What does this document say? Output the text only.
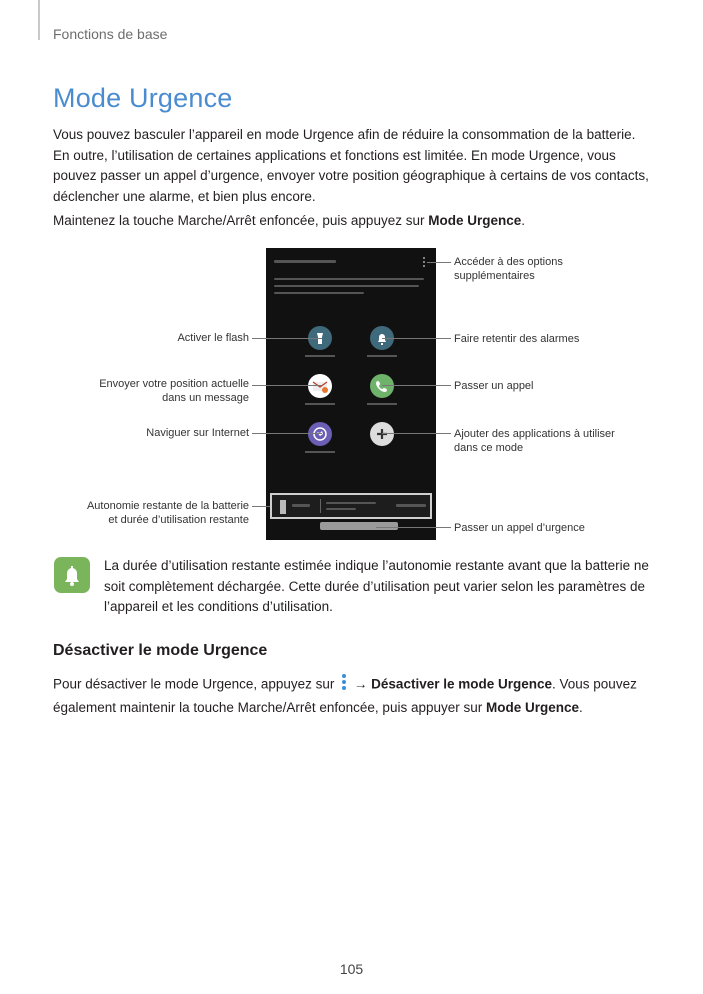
Fonctions de base
Mode Urgence

Vous pouvez basculer l’appareil en mode Urgence afin de réduire la consommation de la batterie.
En outre, l’utilisation de certaines applications et fonctions est limitée. En mode Urgence, vous
pouvez passer un appel d’urgence, envoyer votre position géographique à certains de vos contacts,
déclencher une alarme, et bien plus encore.

Maintenez la touche Marche/Arrêt enfoncée, puis appuyez sur Mode Urgence.

Accéder à des options
supplémentaires
Activer le flash	Faire retentir des alarmes
Envoyer votre position actuelle
dans un message
Passer un appel
Naviguer sur Internet	Ajouter des applications à utiliser
dans ce mode
Autonomie restante de la batterie
et durée d’utilisation restante
Passer un appel d’urgence

La durée d’utilisation restante estimée indique l’autonomie restante avant que la batterie ne
soit complètement déchargée. Cette durée d’utilisation peut varier selon les paramètres de
l’appareil et les conditions d’utilisation.

Désactiver le mode Urgence

Pour désactiver le mode Urgence, appuyez sur  → Désactiver le mode Urgence. Vous pouvez
également maintenir la touche Marche/Arrêt enfoncée, puis appuyer sur Mode Urgence.

105
